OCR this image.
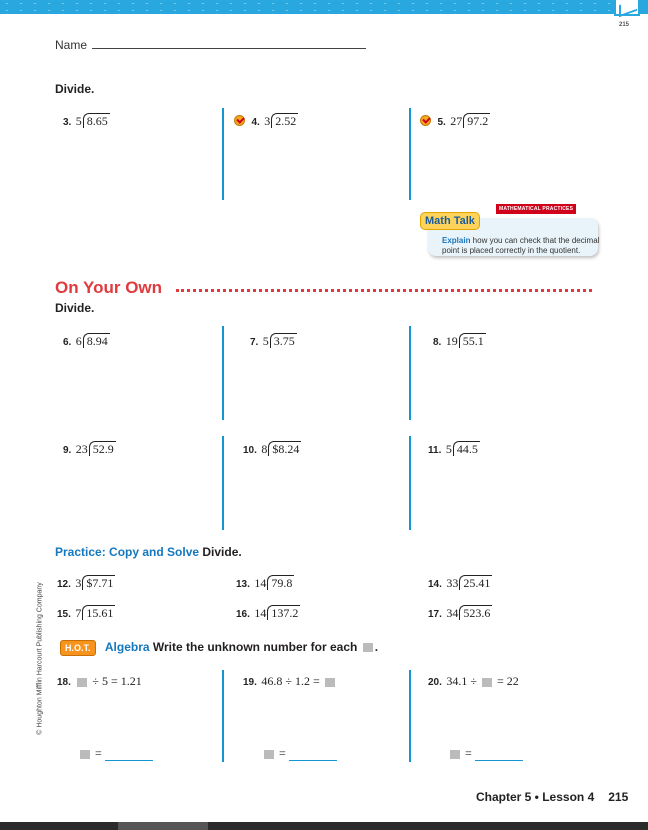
215
Name
Divide.
3. 5 8.65	4. 3 2.52	5. 27 97.2

Explain how you can check that the decimal point is placed correctly in the quotient.
Math Talk
MATHEMATICAL PRACTICES
On Your Own
Divide.
6. 6 8.94	7. 5 3.75	8. 19 55.1
9. 23 52.9	10. 8 $8.24	11. 5 44.5
Practice: Copy and Solve Divide.
12. 3 $7.71	13. 14 79.8	14. 33 25.41
15. 7 15.61	16. 14 137.2	17. 34 523.6
H.O.T. Algebra Write the unknown number for each .
18.  ÷ 5 = 1.21	19. 46.8 ÷ 1.2 =	20. 34.1 ÷  = 22
=	=	=
© Houghton Mifflin Harcourt Publishing Company
Chapter 5 • Lesson 4 215
